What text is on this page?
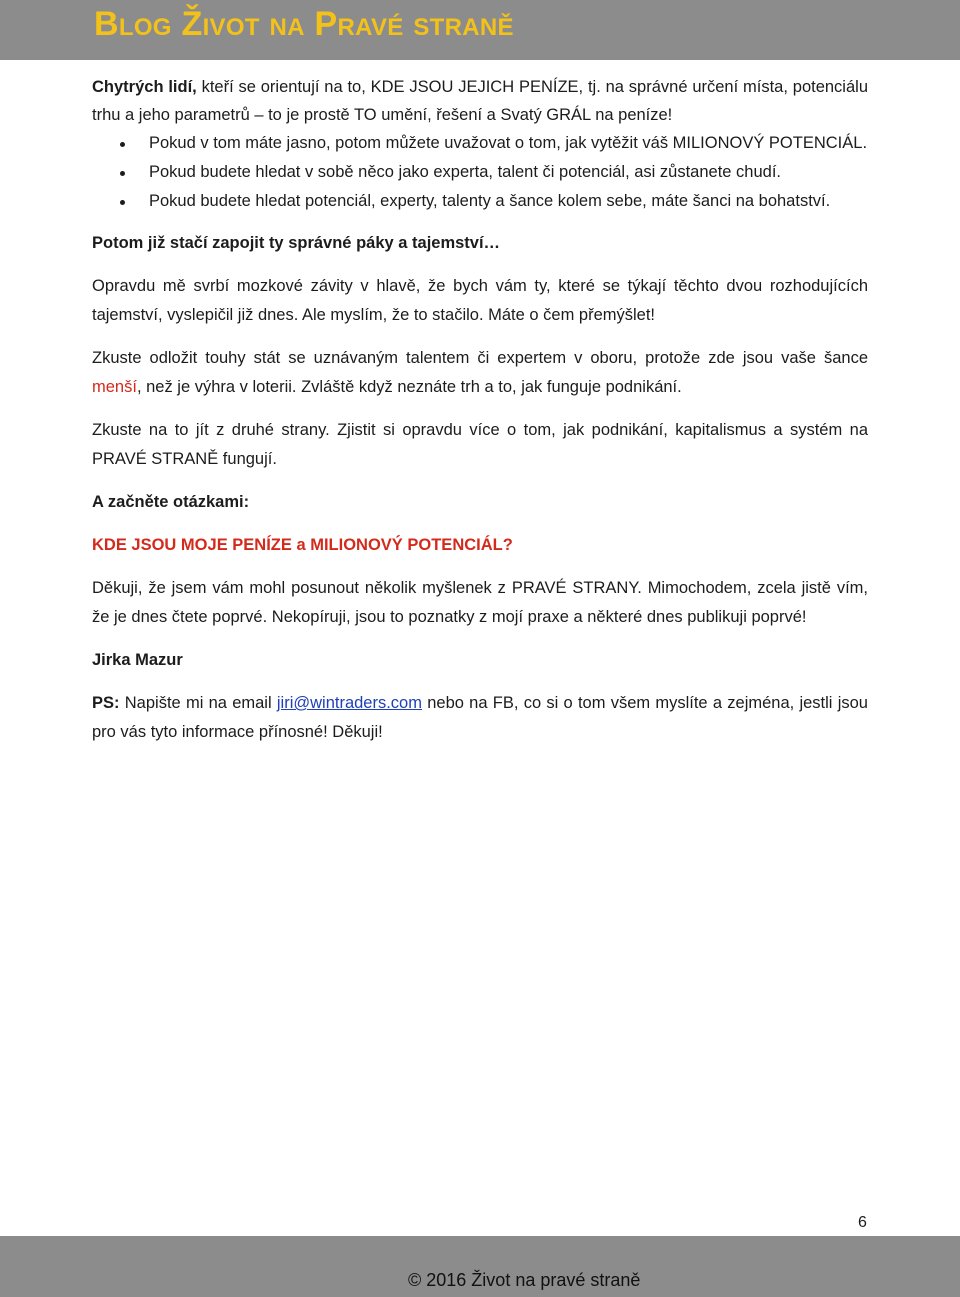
Blog Život na Pravé straně

Chytrých lidí, kteří se orientují na to, KDE JSOU JEJICH PENÍZE, tj. na správné určení místa, potenciálu trhu a jeho parametrů – to je prostě TO umění, řešení a Svatý GRÁL na peníze!

Pokud v tom máte jasno, potom můžete uvažovat o tom, jak vytěžit váš MILIONOVÝ POTENCIÁL.
Pokud budete hledat v sobě něco jako experta, talent či potenciál, asi zůstanete chudí.
Pokud budete hledat potenciál, experty, talenty a šance kolem sebe, máte šanci na bohatství.

Potom již stačí zapojit ty správné páky a tajemství…

Opravdu mě svrbí mozkové závity v hlavě, že bych vám ty, které se týkají těchto dvou rozhodujících tajemství, vyslepičil již dnes. Ale myslím, že to stačilo. Máte o čem přemýšlet!

Zkuste odložit touhy stát se uznávaným talentem či expertem v oboru, protože zde jsou vaše šance menší, než je výhra v loterii. Zvláště když neznáte trh a to, jak funguje podnikání.

Zkuste na to jít z druhé strany. Zjistit si opravdu více o tom, jak podnikání, kapitalismus a systém na PRAVÉ STRANĚ fungují.

A začněte otázkami:

KDE JSOU MOJE PENÍZE a MILIONOVÝ POTENCIÁL?

Děkuji, že jsem vám mohl posunout několik myšlenek z PRAVÉ STRANY. Mimochodem, zcela jistě vím, že je dnes čtete poprvé. Nekopíruji, jsou to poznatky z mojí praxe a některé dnes publikuji poprvé!

Jirka Mazur

PS: Napište mi na email jiri@wintraders.com nebo na FB, co si o tom všem myslíte a zejména, jestli jsou pro vás tyto informace přínosné! Děkuji!

6
© 2016 Život na pravé straně
